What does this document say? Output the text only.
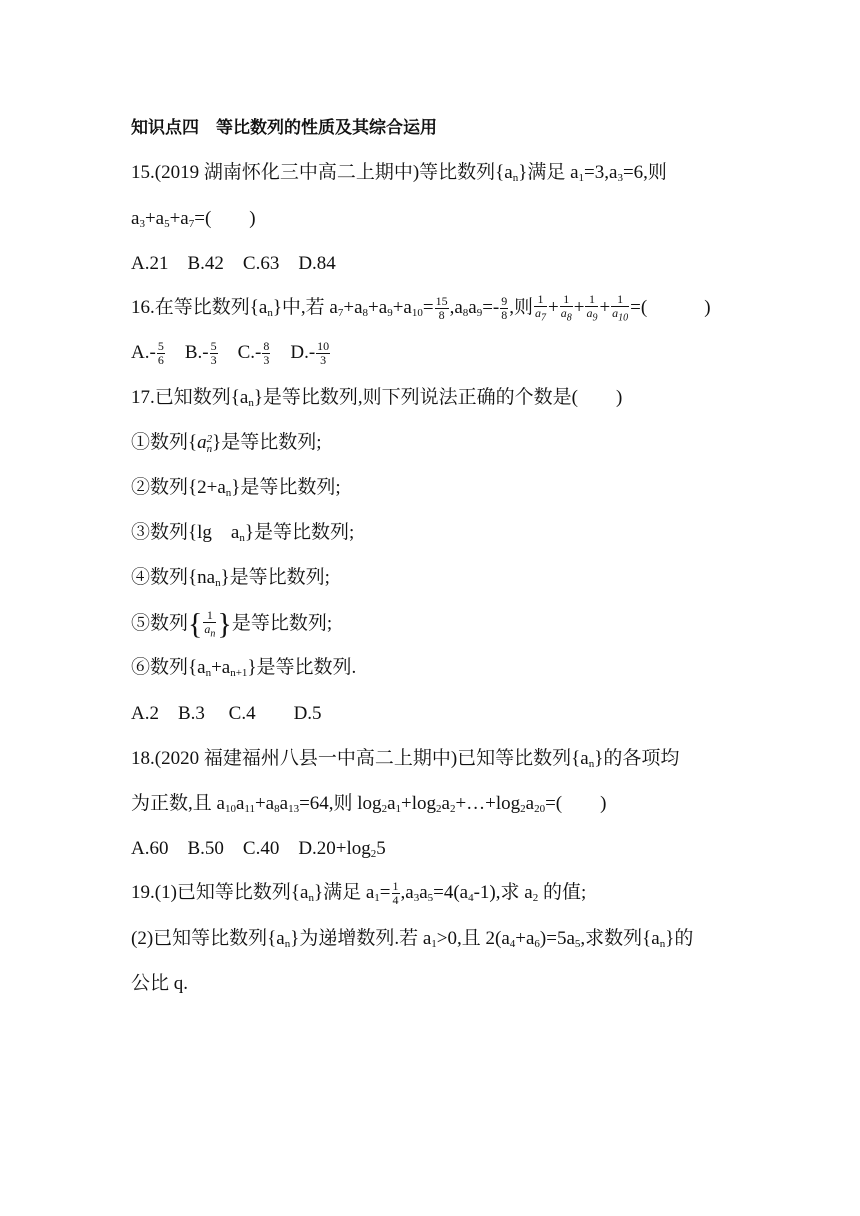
知识点四　等比数列的性质及其综合运用
15.(2019 湖南怀化三中高二上期中)等比数列{an}满足 a1=3,a3=6,则
a3+a5+a7=(　　)
A.21　B.42　C.63　D.84
16.在等比数列{an}中,若 $a7+a8+a9+a10= \frac{15}{8} ,a8a9=- \frac{9}{8}$ ,则 $\frac{1}{a_7} + \frac{1}{a_8} + \frac{1}{a_9} + \frac{1}{a_{10}}$ =(　　　)
$A.- \frac{5}{6}$
　 $B.- \frac{5}{3}$
　 $C.- \frac{8}{3}$
　 $D.- \frac{10}{3}$
17.已知数列{an}是等比数列,则下列说法正确的个数是(　　)
①数列{a 2
n }是等比数列;
②数列{2+an}是等比数列;
③数列{lg　an}是等比数列;
④数列{nan}是等比数列;
⑤数列{ $\frac{1}{a_n}$ }是等比数列;
⑥数列{an+an+1}是等比数列.
A.2　B.3　 C.4　　D.5
18.(2020 福建福州八县一中高二上期中)已知等比数列{an}的各项均
为正数,且 a10a11+a8a13=64,则 log2a1+log2a2+…+log2a20=(　　)
A.60　B.50　C.40　D.20+log25
19.(1)已知等比数列{an}满足 $a1= \frac{1}{4} ,a3a5=4(a4-1)$,求 a2 的值;
(2)已知等比数列{an}为递增数列.若 a1>0,且 2(a4+a6)=5a5,求数列{an}的
公比 q.
